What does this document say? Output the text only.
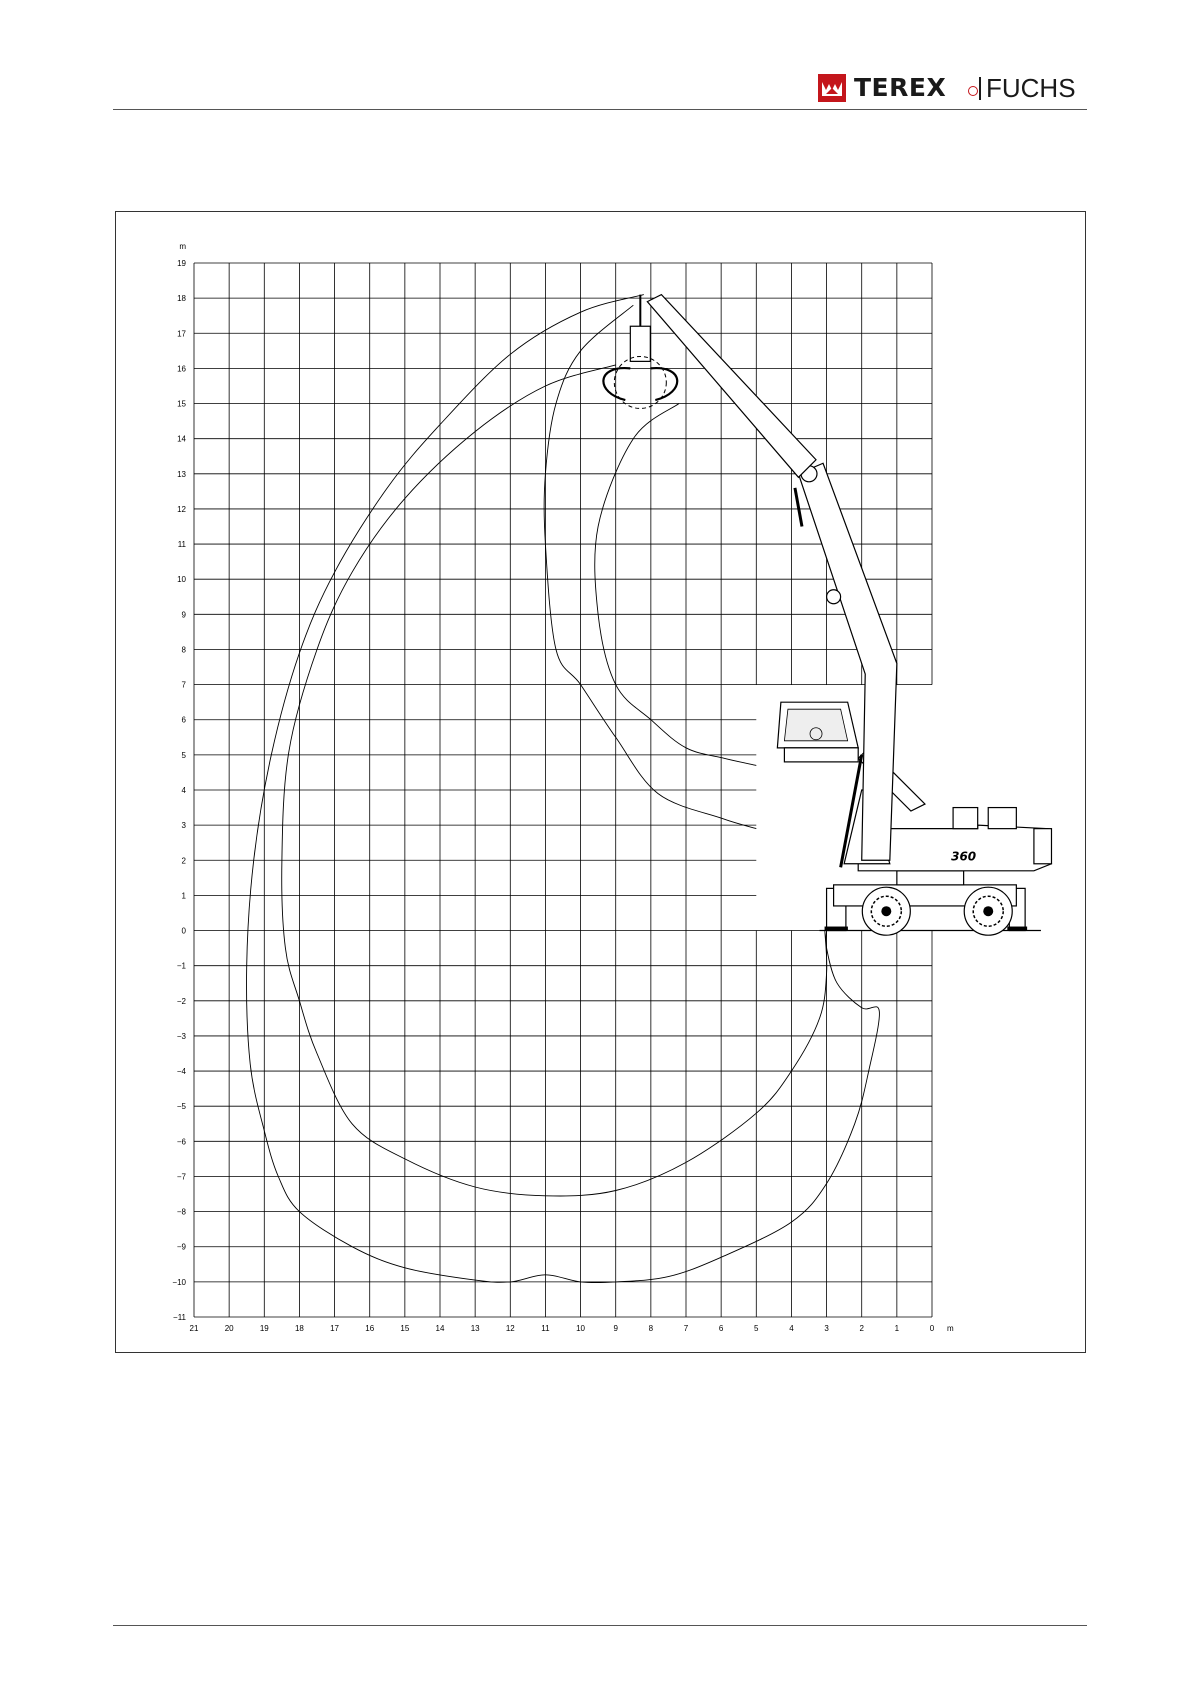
TEREX FUCHS
21	20	19	18	17	16	15	14	13	12	11	10	9	8	7	6	5	4	3	2	1	0 m
19
18
17
16
15
14
13
12
11
10
9
8
7
6
5
4
3
2
1
0
−1
−2
−3
−4
−5
−6
−7
−8
−9
−10
−11
m
360
